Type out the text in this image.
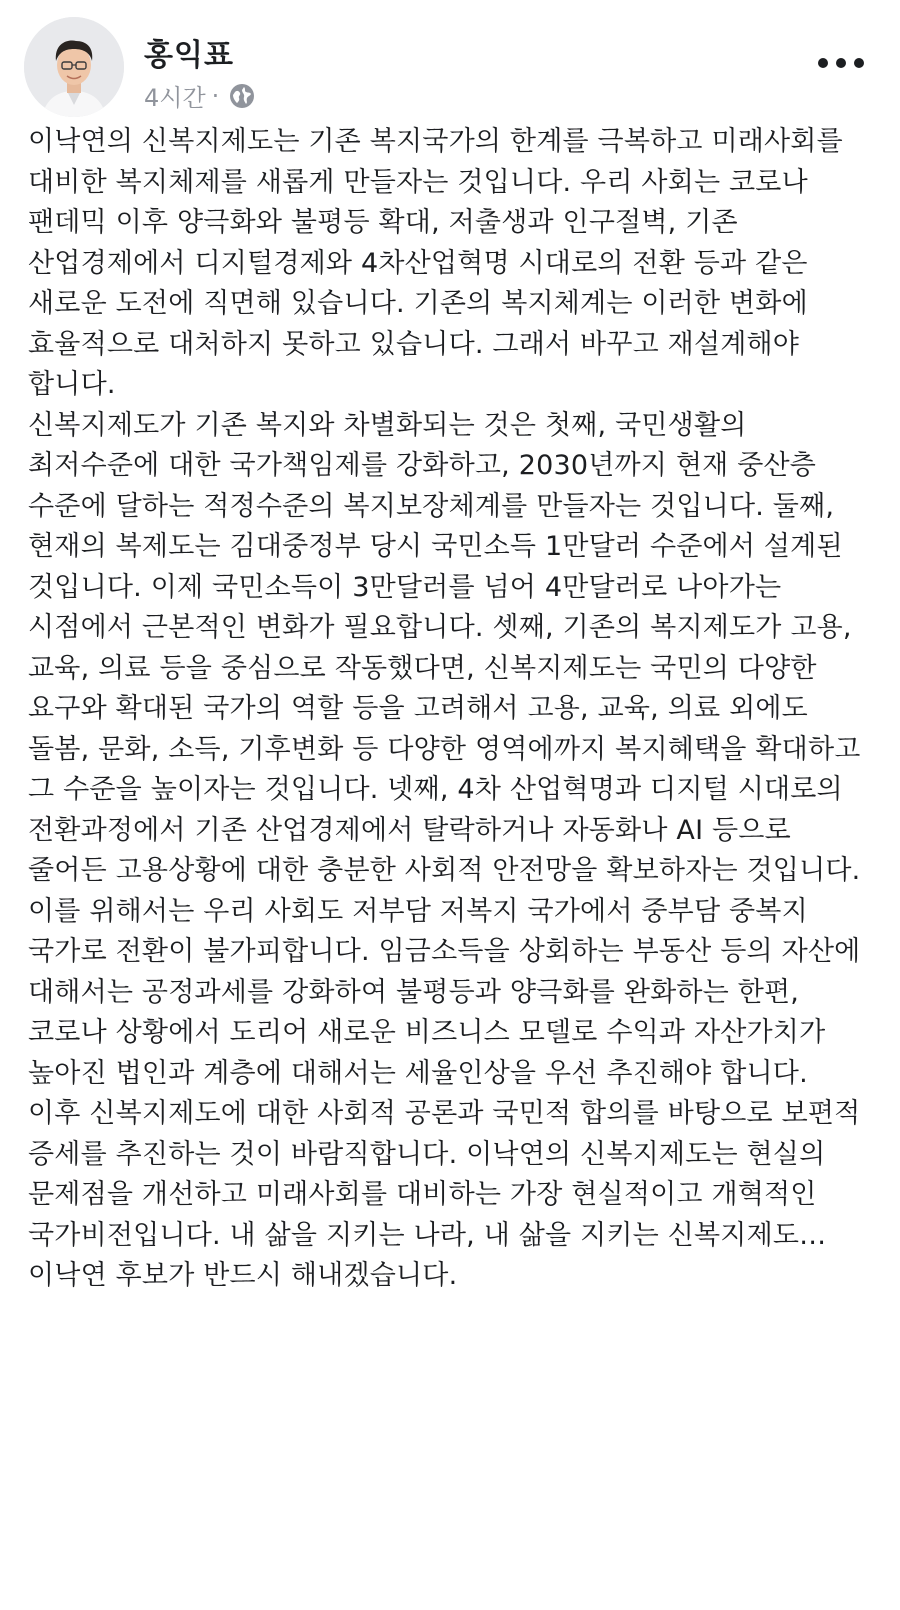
홍익표
4시간 ·

이낙연의 신복지제도는 기존 복지국가의 한계를 극복하고 미래사회를 대비한 복지체제를 새롭게 만들자는 것입니다. 우리 사회는 코로나 팬데믹 이후 양극화와 불평등 확대, 저출생과 인구절벽, 기존 산업경제에서 디지털경제와 4차산업혁명 시대로의 전환 등과 같은 새로운 도전에 직면해 있습니다. 기존의 복지체계는 이러한 변화에 효율적으로 대처하지 못하고 있습니다. 그래서 바꾸고 재설계해야 합니다.

신복지제도가 기존 복지와 차별화되는 것은 첫째, 국민생활의 최저수준에 대한 국가책임제를 강화하고, 2030년까지 현재 중산층 수준에 달하는 적정수준의 복지보장체계를 만들자는 것입니다. 둘째, 현재의 복제도는 김대중정부 당시 국민소득 1만달러 수준에서 설계된 것입니다. 이제 국민소득이 3만달러를 넘어 4만달러로 나아가는 시점에서 근본적인 변화가 필요합니다. 셋째, 기존의 복지제도가 고용, 교육, 의료 등을 중심으로 작동했다면, 신복지제도는 국민의 다양한 요구와 확대된 국가의 역할 등을 고려해서 고용, 교육, 의료 외에도 돌봄, 문화, 소득, 기후변화 등 다양한 영역에까지 복지혜택을 확대하고 그 수준을 높이자는 것입니다. 넷째, 4차 산업혁명과 디지털 시대로의 전환과정에서 기존 산업경제에서 탈락하거나 자동화나 AI 등으로 줄어든 고용상황에 대한 충분한 사회적 안전망을 확보하자는 것입니다.

이를 위해서는 우리 사회도 저부담 저복지 국가에서 중부담 중복지 국가로 전환이 불가피합니다. 임금소득을 상회하는 부동산 등의 자산에 대해서는 공정과세를 강화하여 불평등과 양극화를 완화하는 한편, 코로나 상황에서 도리어 새로운 비즈니스 모델로 수익과 자산가치가 높아진 법인과 계층에 대해서는 세율인상을 우선 추진해야 합니다. 이후 신복지제도에 대한 사회적 공론과 국민적 합의를 바탕으로 보편적 증세를 추진하는 것이 바람직합니다. 이낙연의 신복지제도는 현실의 문제점을 개선하고 미래사회를 대비하는 가장 현실적이고 개혁적인 국가비전입니다. 내 삶을 지키는 나라, 내 삶을 지키는 신복지제도…이낙연 후보가 반드시 해내겠습니다.
